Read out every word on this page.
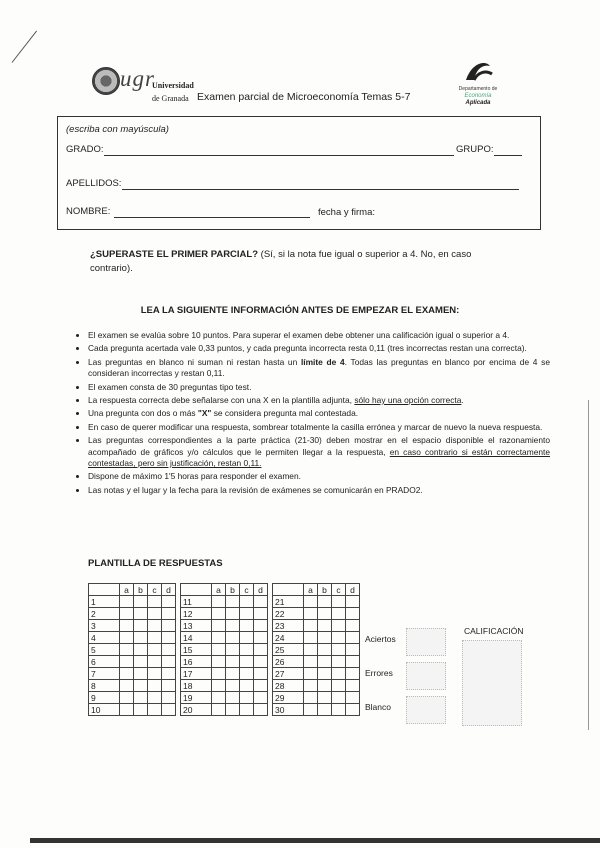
ugr
Universidad
de Granada Examen parcial de Microeconomía Temas 5-7
Departamento de
Economía
Aplicada
(escriba con mayúscula)
GRADO:	GRUPO:
APELLIDOS:
NOMBRE:	fecha y firma:
¿SUPERASTE EL PRIMER PARCIAL? (Sí, si la nota fue igual o superior a 4. No, en caso contrario).
LEA LA SIGUIENTE INFORMACIÓN ANTES DE EMPEZAR EL EXAMEN:
• El examen se evalúa sobre 10 puntos. Para superar el examen debe obtener una calificación igual o superior a 4.
• Cada pregunta acertada vale 0,33 puntos, y cada pregunta incorrecta resta 0,11 (tres incorrectas restan una correcta).
• Las preguntas en blanco ni suman ni restan hasta un límite de 4. Todas las preguntas en blanco por encima de 4 se consideran incorrectas y restan 0,11.
• El examen consta de 30 preguntas tipo test.
• La respuesta correcta debe señalarse con una X en la plantilla adjunta, sólo hay una opción correcta.
• Una pregunta con dos o más "X" se considera pregunta mal contestada.
• En caso de querer modificar una respuesta, sombrear totalmente la casilla errónea y marcar de nuevo la nueva respuesta.
• Las preguntas correspondientes a la parte práctica (21-30) deben mostrar en el espacio disponible el razonamiento acompañado de gráficos y/o cálculos que le permiten llegar a la respuesta, en caso contrario si están correctamente contestadas, pero sin justificación, restan 0,11.
• Dispone de máximo 1'5 horas para responder el examen.
• Las notas y el lugar y la fecha para la revisión de exámenes se comunicarán en PRADO2.
PLANTILLA DE RESPUESTAS
	a	b	c	d			a	b	c	d			a	b	c	d
1						11						21				
2						12						22				
3						13						23				
4						14						24				
5						15						25				
6						16						26				
7						17						27				
8						18						28				
9						19						29				
10						20						30				
Aciertos
Errores
Blanco
CALIFICACIÓN
